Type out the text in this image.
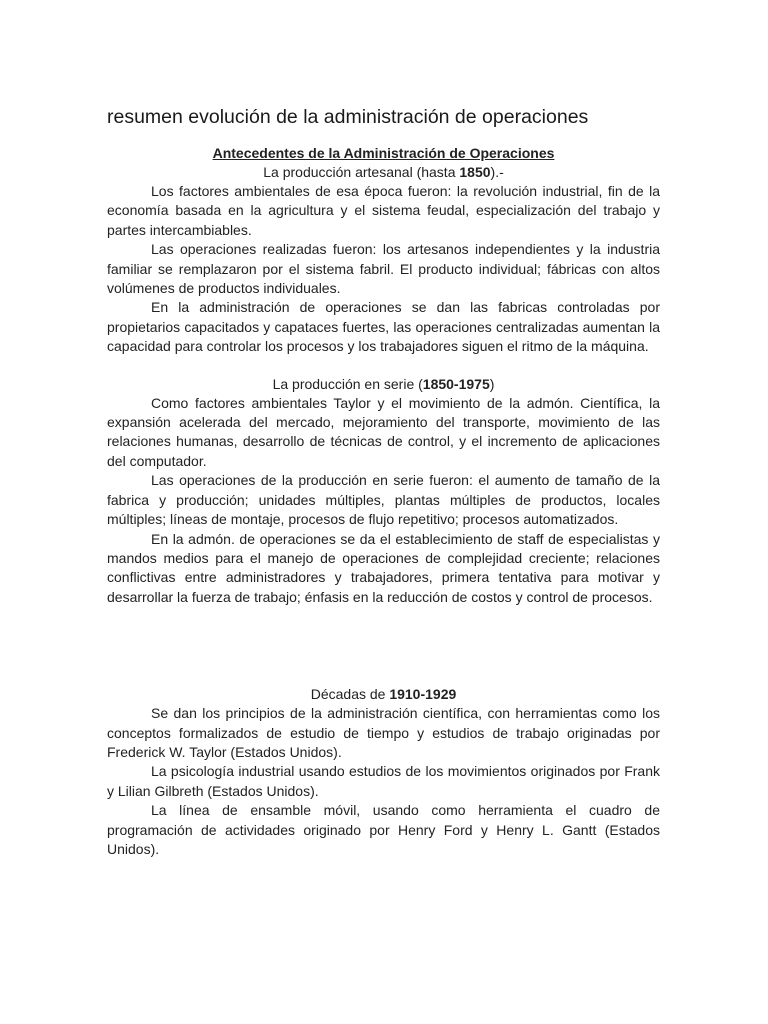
resumen evolución de la administración de operaciones

Antecedentes de la Administración de Operaciones

La producción artesanal (hasta 1850).-

Los factores ambientales de esa época fueron: la revolución industrial, fin de la economía basada en la agricultura y el sistema feudal, especialización del trabajo y partes intercambiables.

Las operaciones realizadas fueron: los artesanos independientes y la industria familiar se remplazaron por el sistema fabril. El producto individual; fábricas con altos volúmenes de productos individuales.

En la administración de operaciones se dan las fabricas controladas por propietarios capacitados y capataces fuertes, las operaciones centralizadas aumentan la capacidad para controlar los procesos y los trabajadores siguen el ritmo de la máquina.

La producción en serie (1850-1975)

Como factores ambientales Taylor y el movimiento de la admón. Científica, la expansión acelerada del mercado, mejoramiento del transporte, movimiento de las relaciones humanas, desarrollo de técnicas de control, y el incremento de aplicaciones del computador.

Las operaciones de la producción en serie fueron: el aumento de tamaño de la fabrica y producción; unidades múltiples, plantas múltiples de productos, locales múltiples; líneas de montaje, procesos de flujo repetitivo; procesos automatizados.

En la admón. de operaciones se da el establecimiento de staff de especialistas y mandos medios para el manejo de operaciones de complejidad creciente; relaciones conflictivas entre administradores y trabajadores, primera tentativa para motivar y desarrollar la fuerza de trabajo; énfasis en la reducción de costos y control de procesos.

Décadas de 1910-1929

Se dan los principios de la administración científica, con herramientas como los conceptos formalizados de estudio de tiempo y estudios de trabajo originadas por Frederick W. Taylor (Estados Unidos).

La psicología industrial usando estudios de los movimientos originados por Frank y Lilian Gilbreth (Estados Unidos).

La línea de ensamble móvil, usando como herramienta el cuadro de programación de actividades originado por Henry Ford y Henry L. Gantt (Estados Unidos).
